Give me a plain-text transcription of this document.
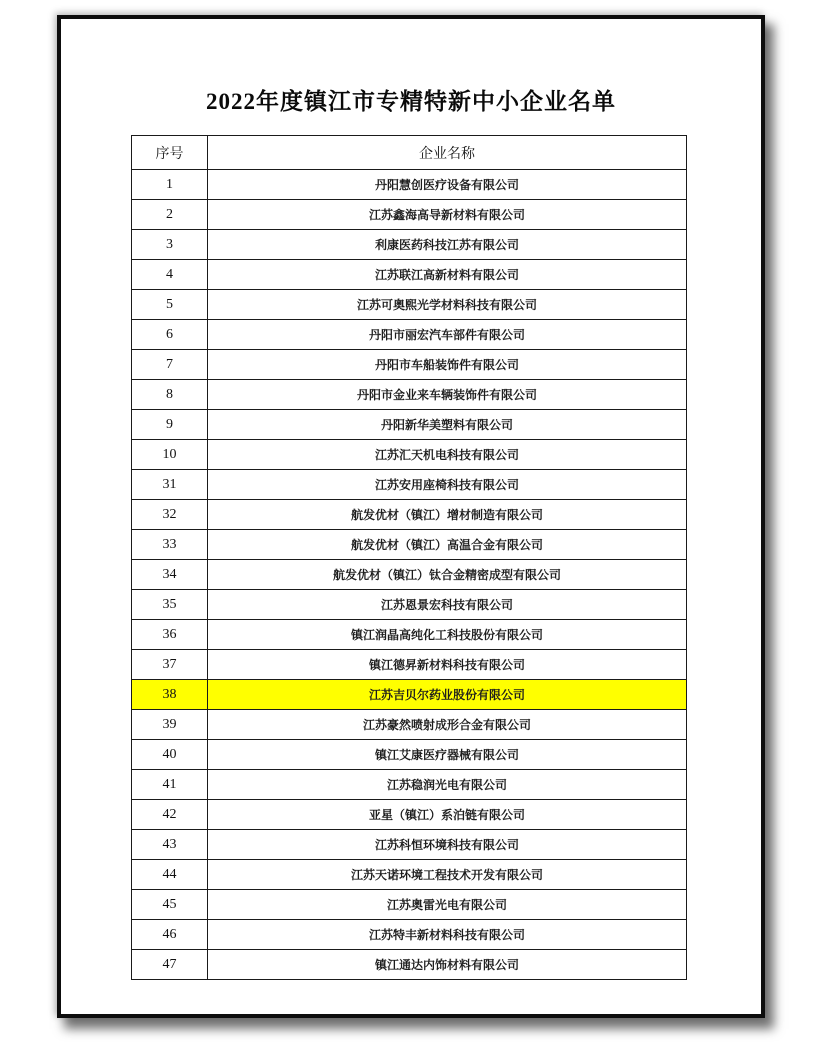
2022年度镇江市专精特新中小企业名单
序号	企业名称
1	丹阳慧创医疗设备有限公司
2	江苏鑫海高导新材料有限公司
3	利康医药科技江苏有限公司
4	江苏联江高新材料有限公司
5	江苏可奥熙光学材料科技有限公司
6	丹阳市丽宏汽车部件有限公司
7	丹阳市车船装饰件有限公司
8	丹阳市金业来车辆装饰件有限公司
9	丹阳新华美塑料有限公司
10	江苏汇天机电科技有限公司
31	江苏安用座椅科技有限公司
32	航发优材（镇江）增材制造有限公司
33	航发优材（镇江）高温合金有限公司
34	航发优材（镇江）钛合金精密成型有限公司
35	江苏恩景宏科技有限公司
36	镇江润晶高纯化工科技股份有限公司
37	镇江德昇新材料科技有限公司
38	江苏吉贝尔药业股份有限公司
39	江苏豪然喷射成形合金有限公司
40	镇江艾康医疗器械有限公司
41	江苏稳润光电有限公司
42	亚星（镇江）系泊链有限公司
43	江苏科恒环境科技有限公司
44	江苏天诺环境工程技术开发有限公司
45	江苏奥雷光电有限公司
46	江苏特丰新材料科技有限公司
47	镇江通达内饰材料有限公司
